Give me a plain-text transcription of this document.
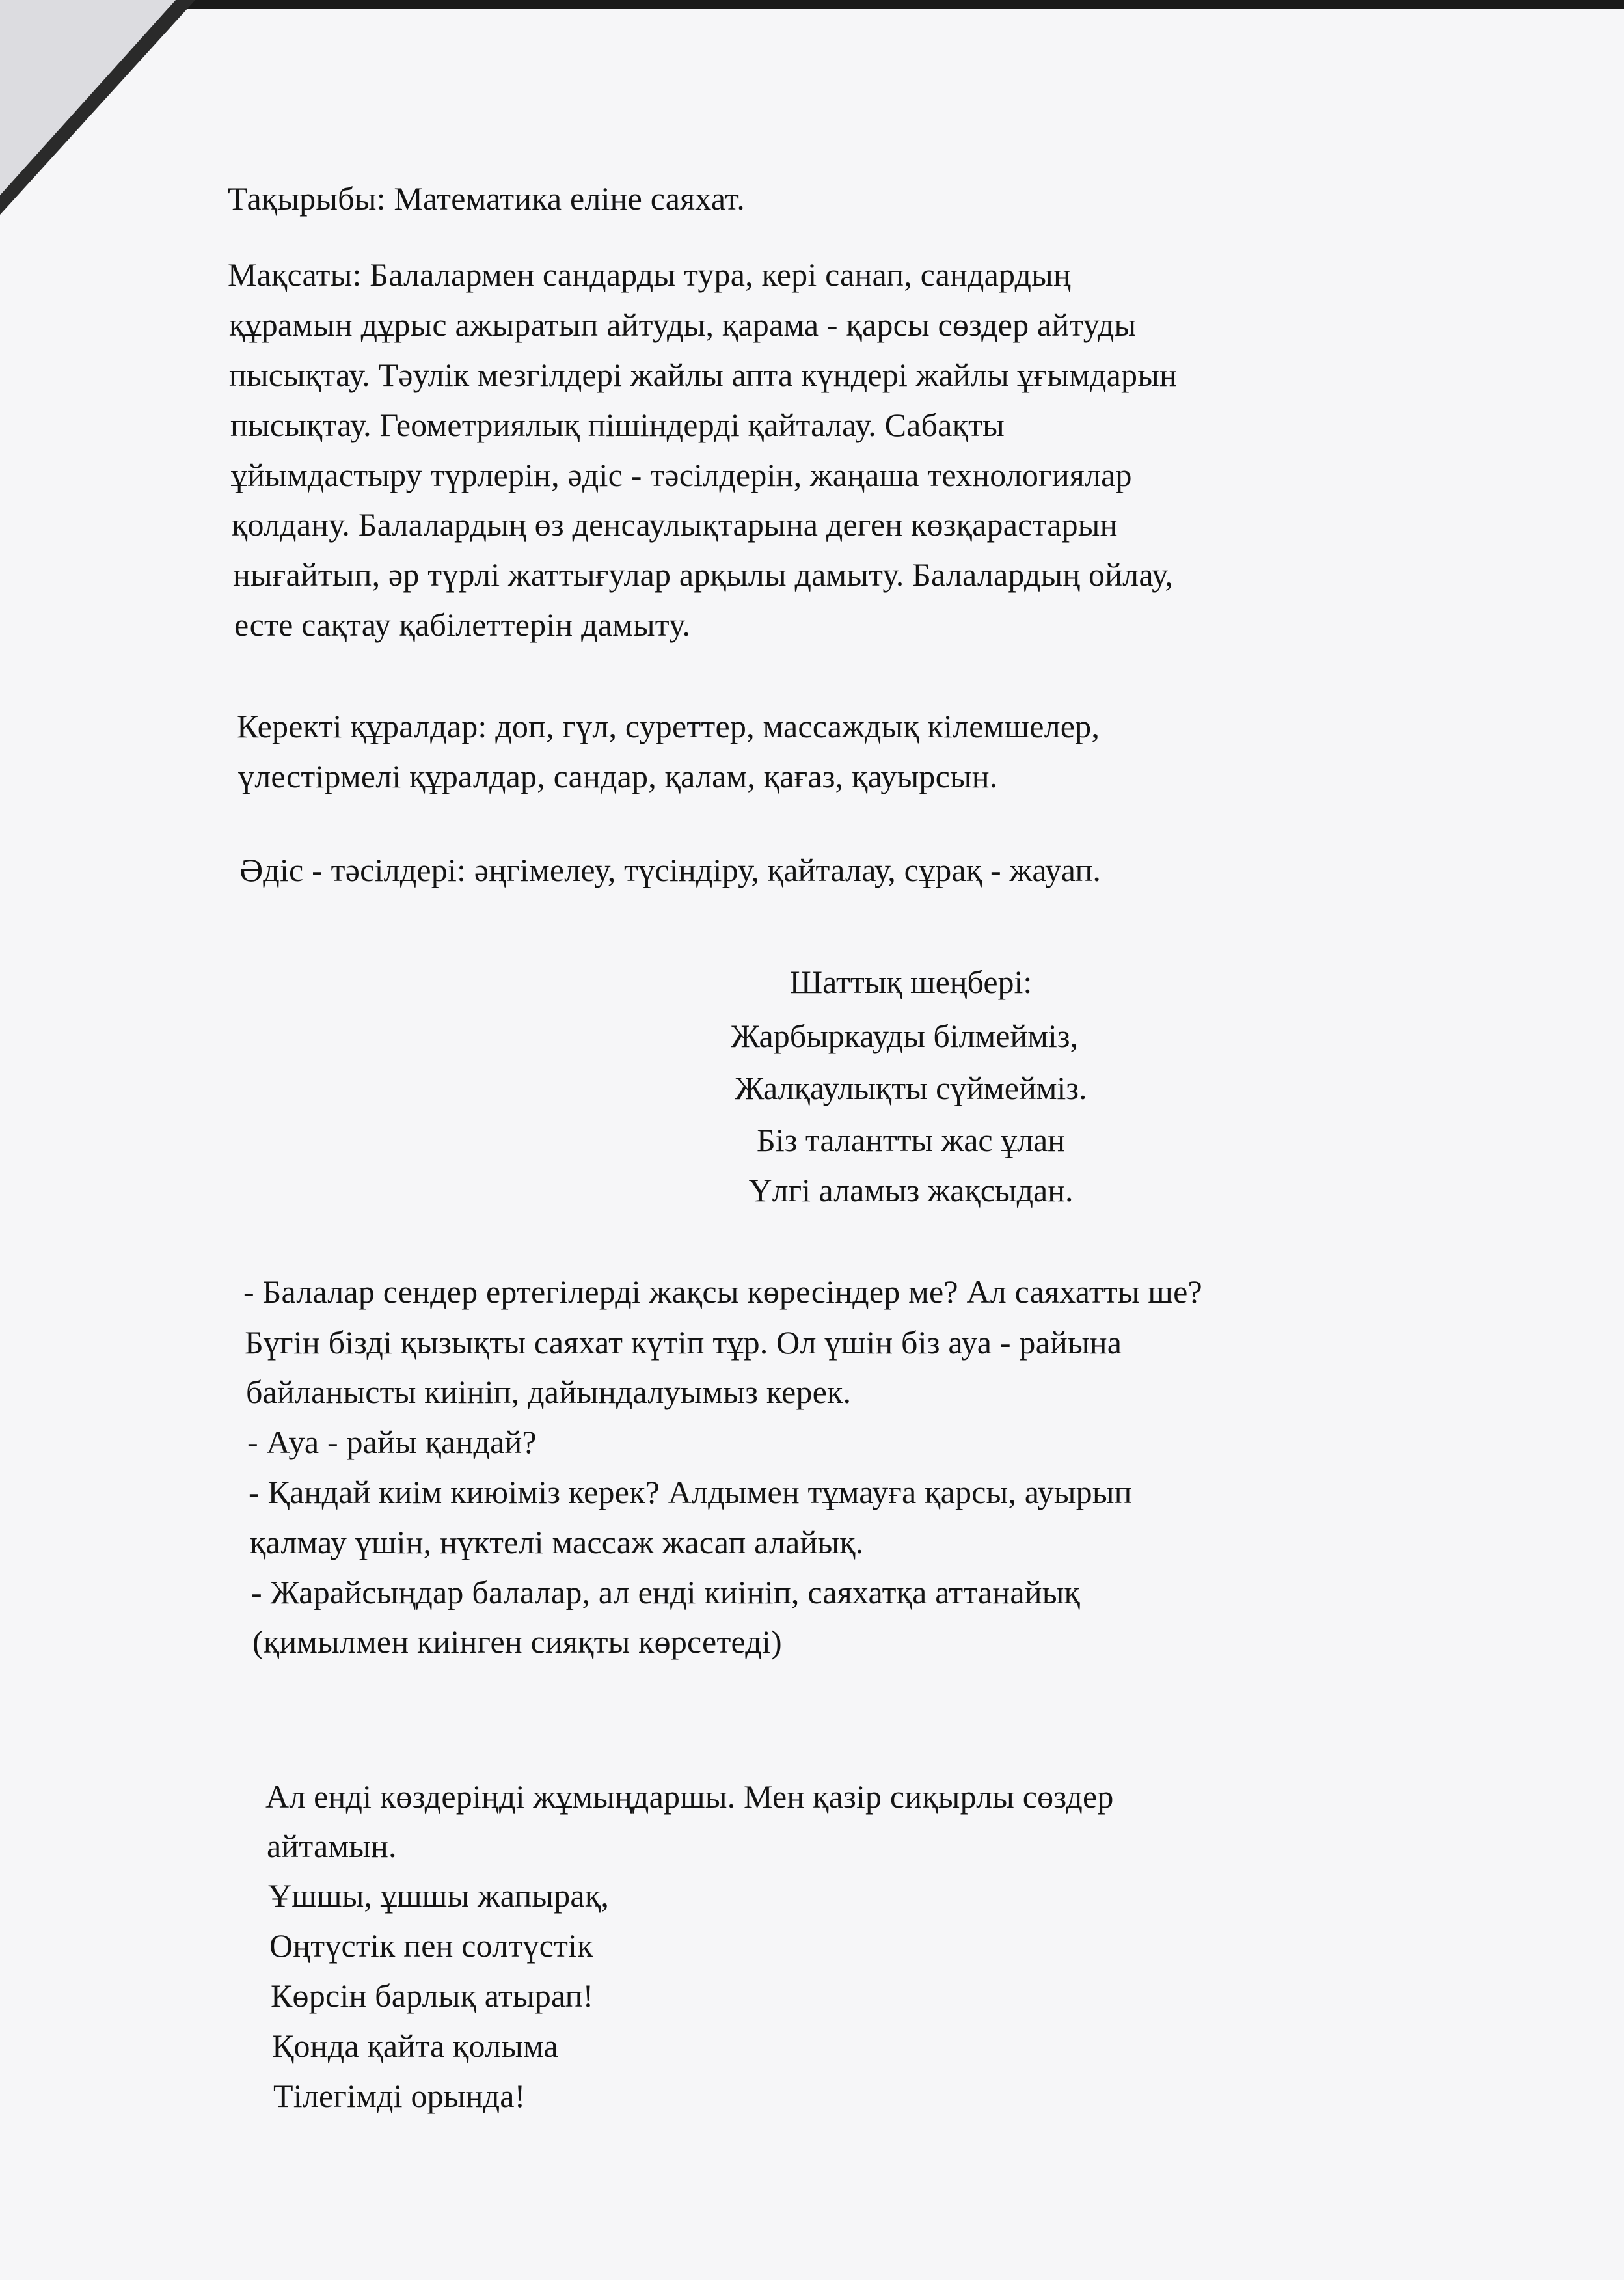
Тақырыбы: Математика еліне саяхат.
Мақсаты: Балалармен сандарды тура, кері санап, сандардың
құрамын дұрыс ажыратып айтуды, қарама - қарсы сөздер айтуды
пысықтау. Тәулік мезгілдері жайлы апта күндері жайлы ұғымдарын
пысықтау. Геометриялық пішіндерді қайталау. Сабақты
ұйымдастыру түрлерін, әдіс - тәсілдерін, жаңаша технологиялар
қолдану. Балалардың өз денсаулықтарына деген көзқарастарын
нығайтып, әр түрлі жаттығулар арқылы дамыту. Балалардың ойлау,
есте сақтау қабілеттерін дамыту.
Керекті құралдар: доп, гүл, суреттер, массаждық кілемшелер,
үлестірмелі құралдар, сандар, қалам, қағаз, қауырсын.
Әдіс - тәсілдері: әңгімелеу, түсіндіру, қайталау, сұрақ - жауап.
Шаттық шеңбері:
Жарбыркауды білмейміз,
Жалқаулықты сүймейміз.
Біз талантты жас ұлан
Үлгі аламыз жақсыдан.
- Балалар сендер ертегілерді жақсы көресіндер ме? Ал саяхатты ше?
Бүгін бізді қызықты саяхат күтіп тұр. Ол үшін біз ауа - райына
байланысты киініп, дайындалуымыз керек.
- Ауа - райы қандай?
- Қандай киім киюіміз керек? Алдымен тұмауға қарсы, ауырып
қалмау үшін, нүктелі массаж жасап алайық.
- Жарайсыңдар балалар, ал енді киініп, саяхатқа аттанайық
(қимылмен киінген сияқты көрсетеді)
Ал енді көздеріңді жұмыңдаршы. Мен қазір сиқырлы сөздер
айтамын.
Ұшшы, ұшшы жапырақ,
Оңтүстік пен солтүстік
Көрсін барлық атырап!
Қонда қайта қолыма
Тілегімді орында!
